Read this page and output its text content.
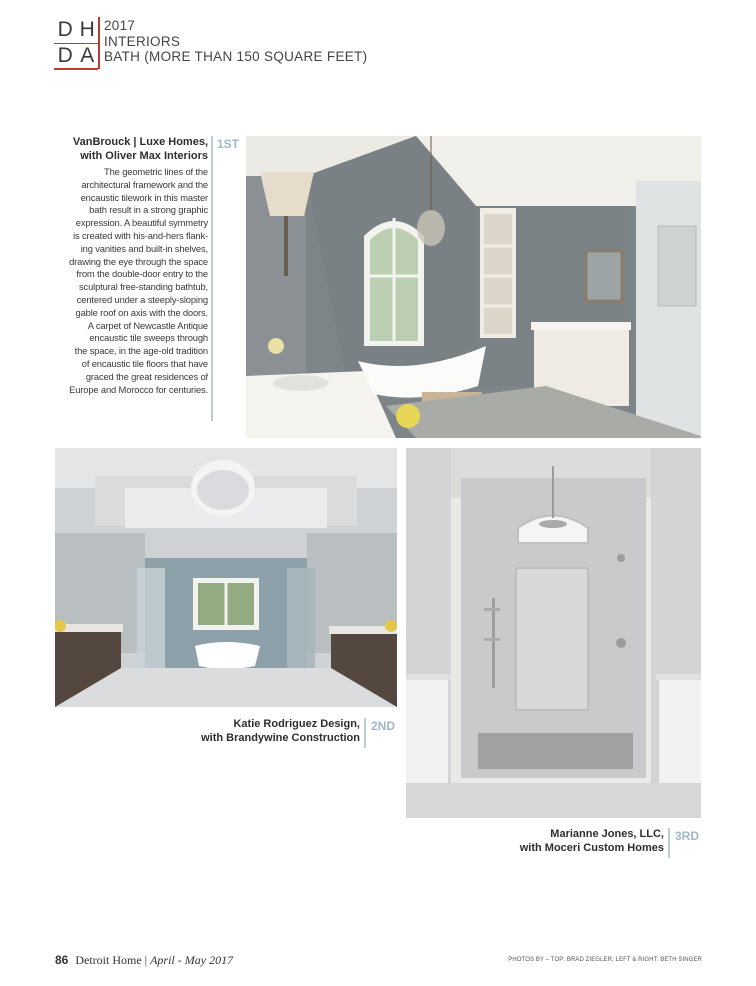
D H
D A
2017
INTERIORS
BATH (MORE THAN 150 SQUARE FEET)
VanBrouck | Luxe Homes,
with Oliver Max Interiors
The geometric lines of the
architectural framework and the
encaustic tilework in this master
bath result in a strong graphic
expression. A beautiful symmetry
is created with his-and-hers flank-
ing vanities and built-in shelves,
drawing the eye through the space
from the double-door entry to the
sculptural free-standing bathtub,
centered under a steeply-sloping
gable roof on axis with the doors.
A carpet of Newcastle Antique
encaustic tile sweeps through
the space, in the age-old tradition
of encaustic tile floors that have
graced the great residences of
Europe and Morocco for centuries.
1ST
Katie Rodriguez Design,
with Brandywine Construction
2ND
Marianne Jones, LLC,
with Moceri Custom Homes
3RD
86 Detroit Home | April - May 2017	PHOTOS BY – TOP: BRAD ZIEGLER; LEFT & RIGHT: BETH SINGER
